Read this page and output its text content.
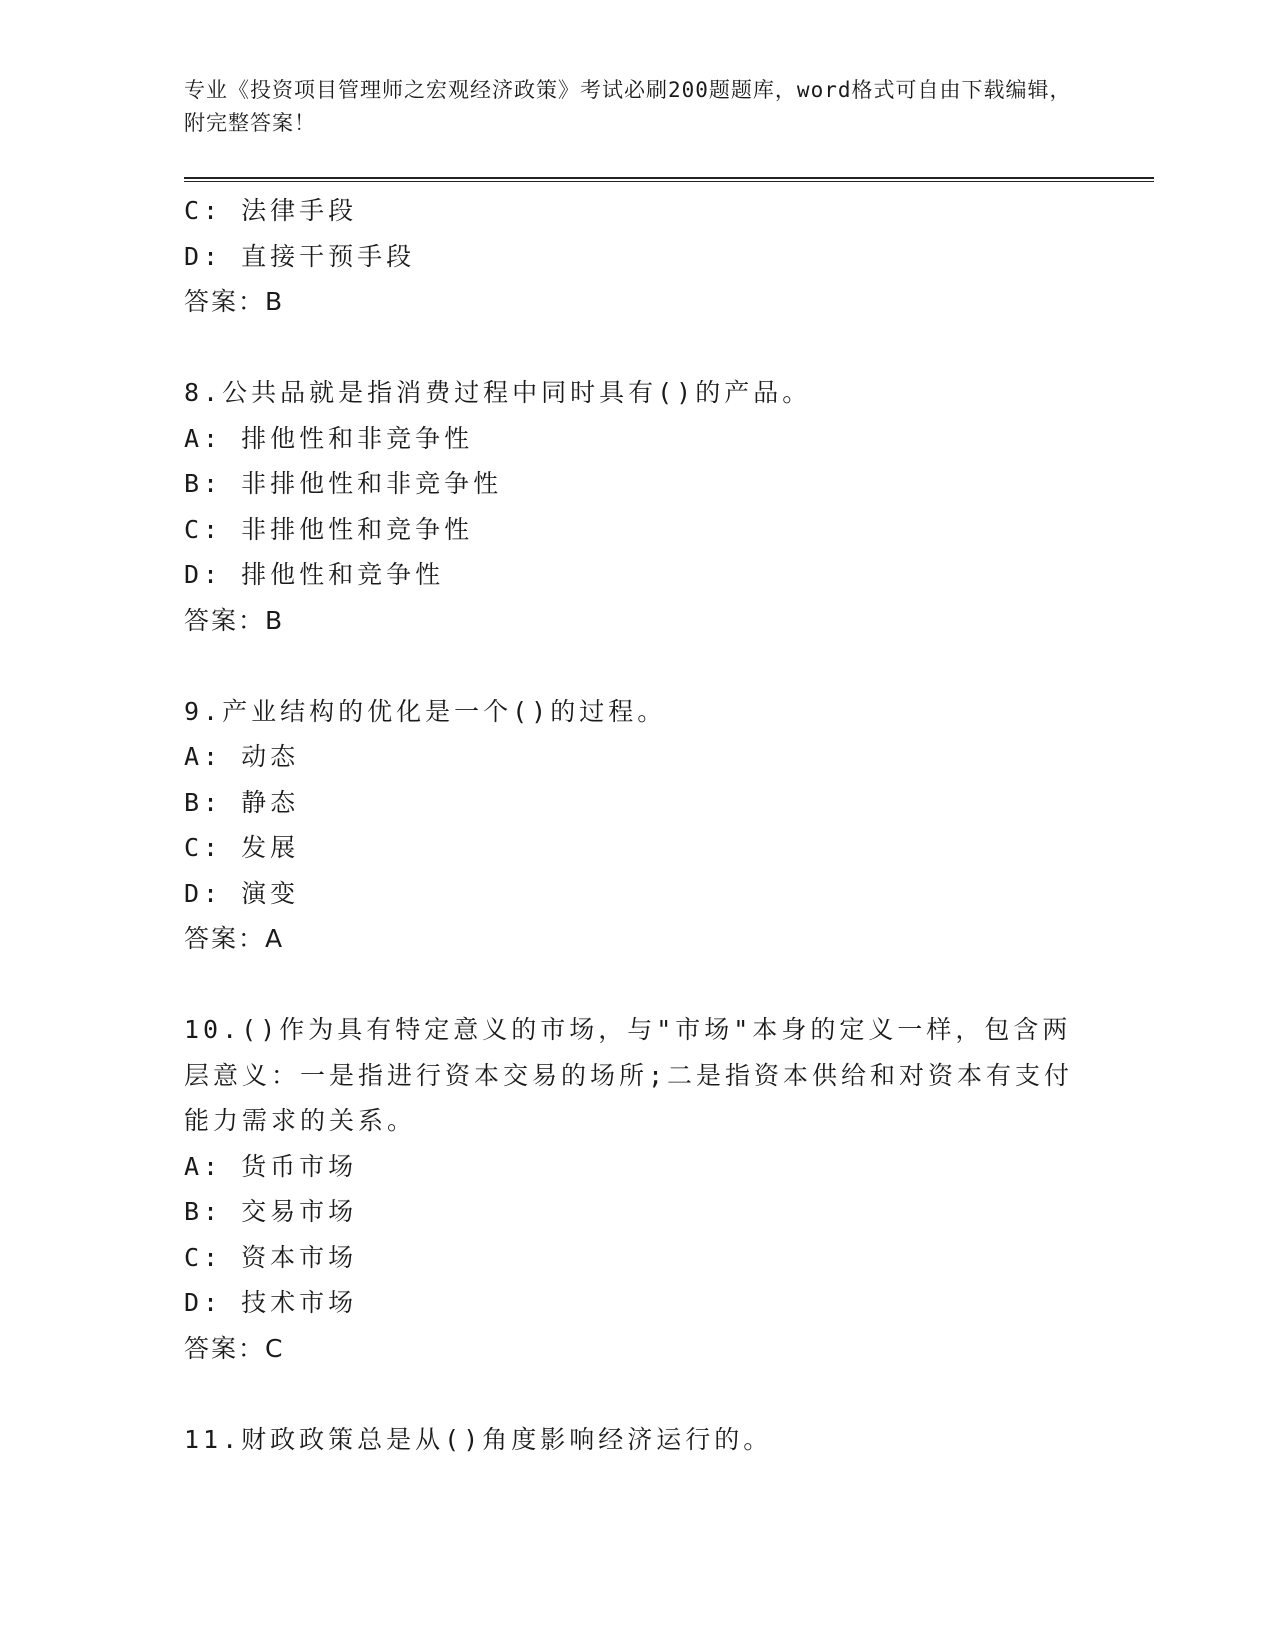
专业《投资项目管理师之宏观经济政策》考试必刷200题题库，word格式可自由下载编辑，附完整答案！
C: 法律手段
D: 直接干预手段
答案：B
8.公共品就是指消费过程中同时具有()的产品。
A: 排他性和非竞争性
B: 非排他性和非竞争性
C: 非排他性和竞争性
D: 排他性和竞争性
答案：B
9.产业结构的优化是一个()的过程。
A: 动态
B: 静态
C: 发展
D: 演变
答案：A
10.()作为具有特定意义的市场，与"市场"本身的定义一样，包含两层意义：一是指进行资本交易的场所;二是指资本供给和对资本有支付能力需求的关系。
A: 货币市场
B: 交易市场
C: 资本市场
D: 技术市场
答案：C
11.财政政策总是从()角度影响经济运行的。
